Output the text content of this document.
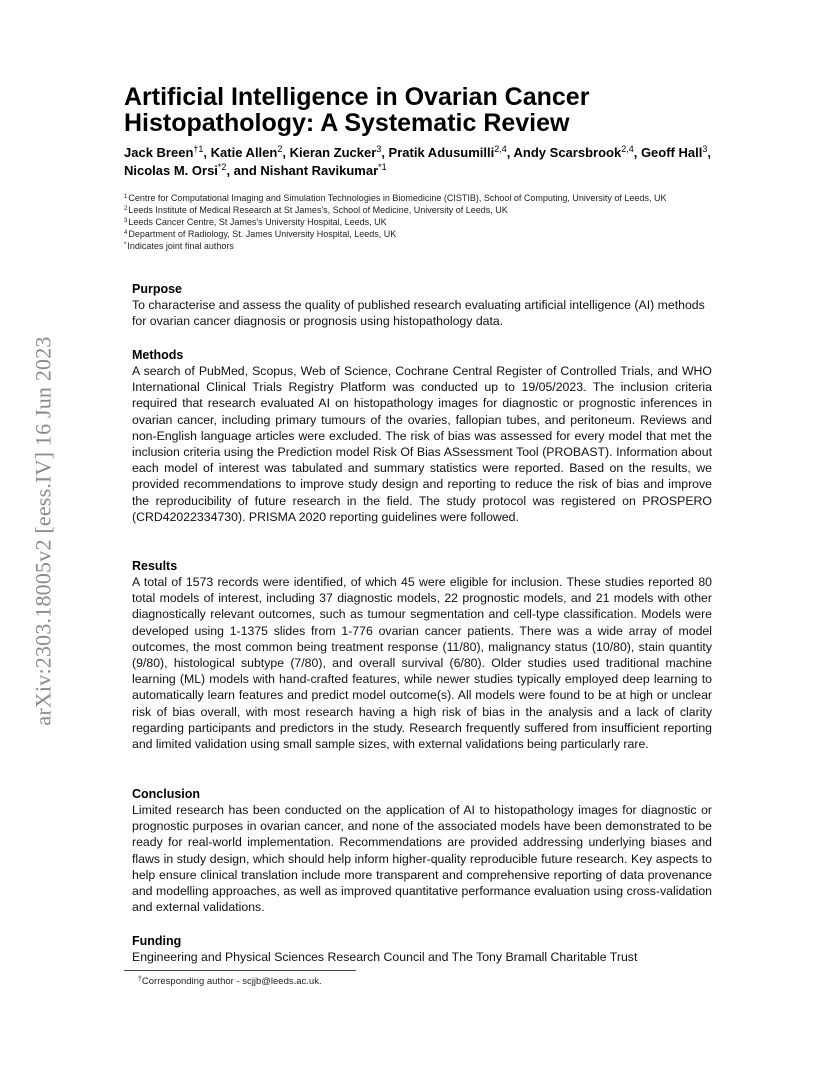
arXiv:2303.18005v2 [eess.IV] 16 Jun 2023
Artificial Intelligence in Ovarian Cancer Histopathology: A Systematic Review
Jack Breen$^{\dagger 1}$, Katie Allen$^2$, Kieran Zucker$^3$, Pratik Adusumilli$^{2,4}$, Andy Scarsbrook$^{2,4}$, Geoff Hall$^3$, Nicolas M. Orsi$^{*2}$, and Nishant Ravikumar$^{*1}$
$^1$Centre for Computational Imaging and Simulation Technologies in Biomedicine (CISTIB), School of Computing, University of Leeds, UK
$^2$Leeds Institute of Medical Research at St James's, School of Medicine, University of Leeds, UK
$^3$Leeds Cancer Centre, St James's University Hospital, Leeds, UK
$^4$Department of Radiology, St. James University Hospital, Leeds, UK
*Indicates joint final authors
Purpose
To characterise and assess the quality of published research evaluating artificial intelligence (AI) methods for ovarian cancer diagnosis or prognosis using histopathology data.
Methods
A search of PubMed, Scopus, Web of Science, Cochrane Central Register of Controlled Trials, and WHO International Clinical Trials Registry Platform was conducted up to 19/05/2023. The inclusion criteria required that research evaluated AI on histopathology images for diagnostic or prognostic inferences in ovarian cancer, including primary tumours of the ovaries, fallopian tubes, and peritoneum. Reviews and non-English language articles were excluded. The risk of bias was assessed for every model that met the inclusion criteria using the Prediction model Risk Of Bias ASsessment Tool (PROBAST). Information about each model of interest was tabulated and summary statistics were reported. Based on the results, we provided recommendations to improve study design and reporting to reduce the risk of bias and improve the reproducibility of future research in the field. The study protocol was registered on PROSPERO (CRD42022334730). PRISMA 2020 reporting guidelines were followed.
Results
A total of 1573 records were identified, of which 45 were eligible for inclusion. These studies reported 80 total models of interest, including 37 diagnostic models, 22 prognostic models, and 21 models with other diagnostically relevant outcomes, such as tumour segmentation and cell-type classification. Models were developed using 1-1375 slides from 1-776 ovarian cancer patients. There was a wide array of model outcomes, the most common being treatment response (11/80), malignancy status (10/80), stain quantity (9/80), histological subtype (7/80), and overall survival (6/80). Older studies used traditional machine learning (ML) models with hand-crafted features, while newer studies typically employed deep learning to automatically learn features and predict model outcome(s). All models were found to be at high or unclear risk of bias overall, with most research having a high risk of bias in the analysis and a lack of clarity regarding participants and predictors in the study. Research frequently suffered from insufficient reporting and limited validation using small sample sizes, with external validations being particularly rare.
Conclusion
Limited research has been conducted on the application of AI to histopathology images for diagnostic or prognostic purposes in ovarian cancer, and none of the associated models have been demonstrated to be ready for real-world implementation. Recommendations are provided addressing underlying biases and flaws in study design, which should help inform higher-quality reproducible future research. Key aspects to help ensure clinical translation include more transparent and comprehensive reporting of data provenance and modelling approaches, as well as improved quantitative performance evaluation using cross-validation and external validations.
Funding
Engineering and Physical Sciences Research Council and The Tony Bramall Charitable Trust
†Corresponding author - scjjb@leeds.ac.uk.
